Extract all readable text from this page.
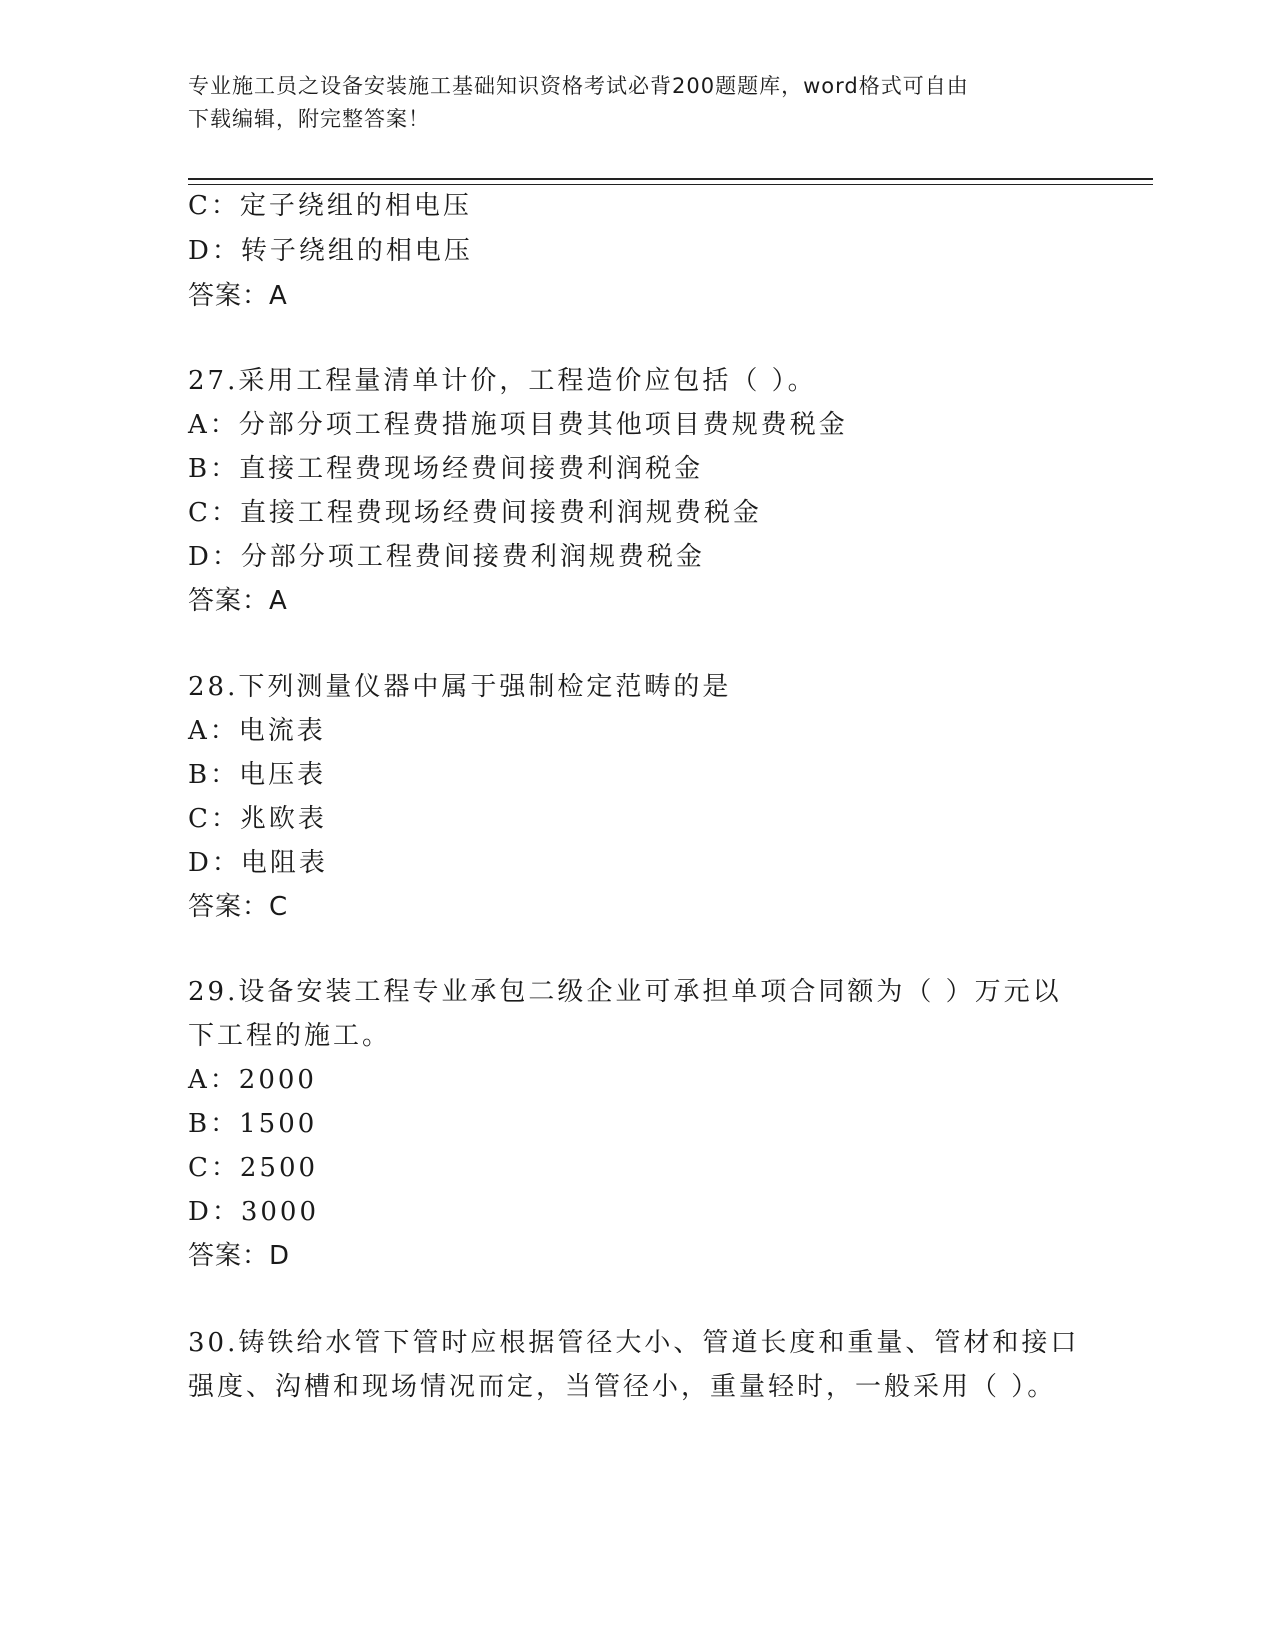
专业施工员之设备安装施工基础知识资格考试必背200题题库，word格式可自由
下载编辑，附完整答案！
C：定子绕组的相电压
D：转子绕组的相电压
答案：A
27.采用工程量清单计价，工程造价应包括（ ）。
A：分部分项工程费措施项目费其他项目费规费税金
B：直接工程费现场经费间接费利润税金
C：直接工程费现场经费间接费利润规费税金
D：分部分项工程费间接费利润规费税金
答案：A
28.下列测量仪器中属于强制检定范畴的是
A：电流表
B：电压表
C：兆欧表
D：电阻表
答案：C
29.设备安装工程专业承包二级企业可承担单项合同额为（ ）万元以
下工程的施工。
A：2000
B：1500
C：2500
D：3000
答案：D
30.铸铁给水管下管时应根据管径大小、管道长度和重量、管材和接口
强度、沟槽和现场情况而定，当管径小，重量轻时，一般采用（ ）。
